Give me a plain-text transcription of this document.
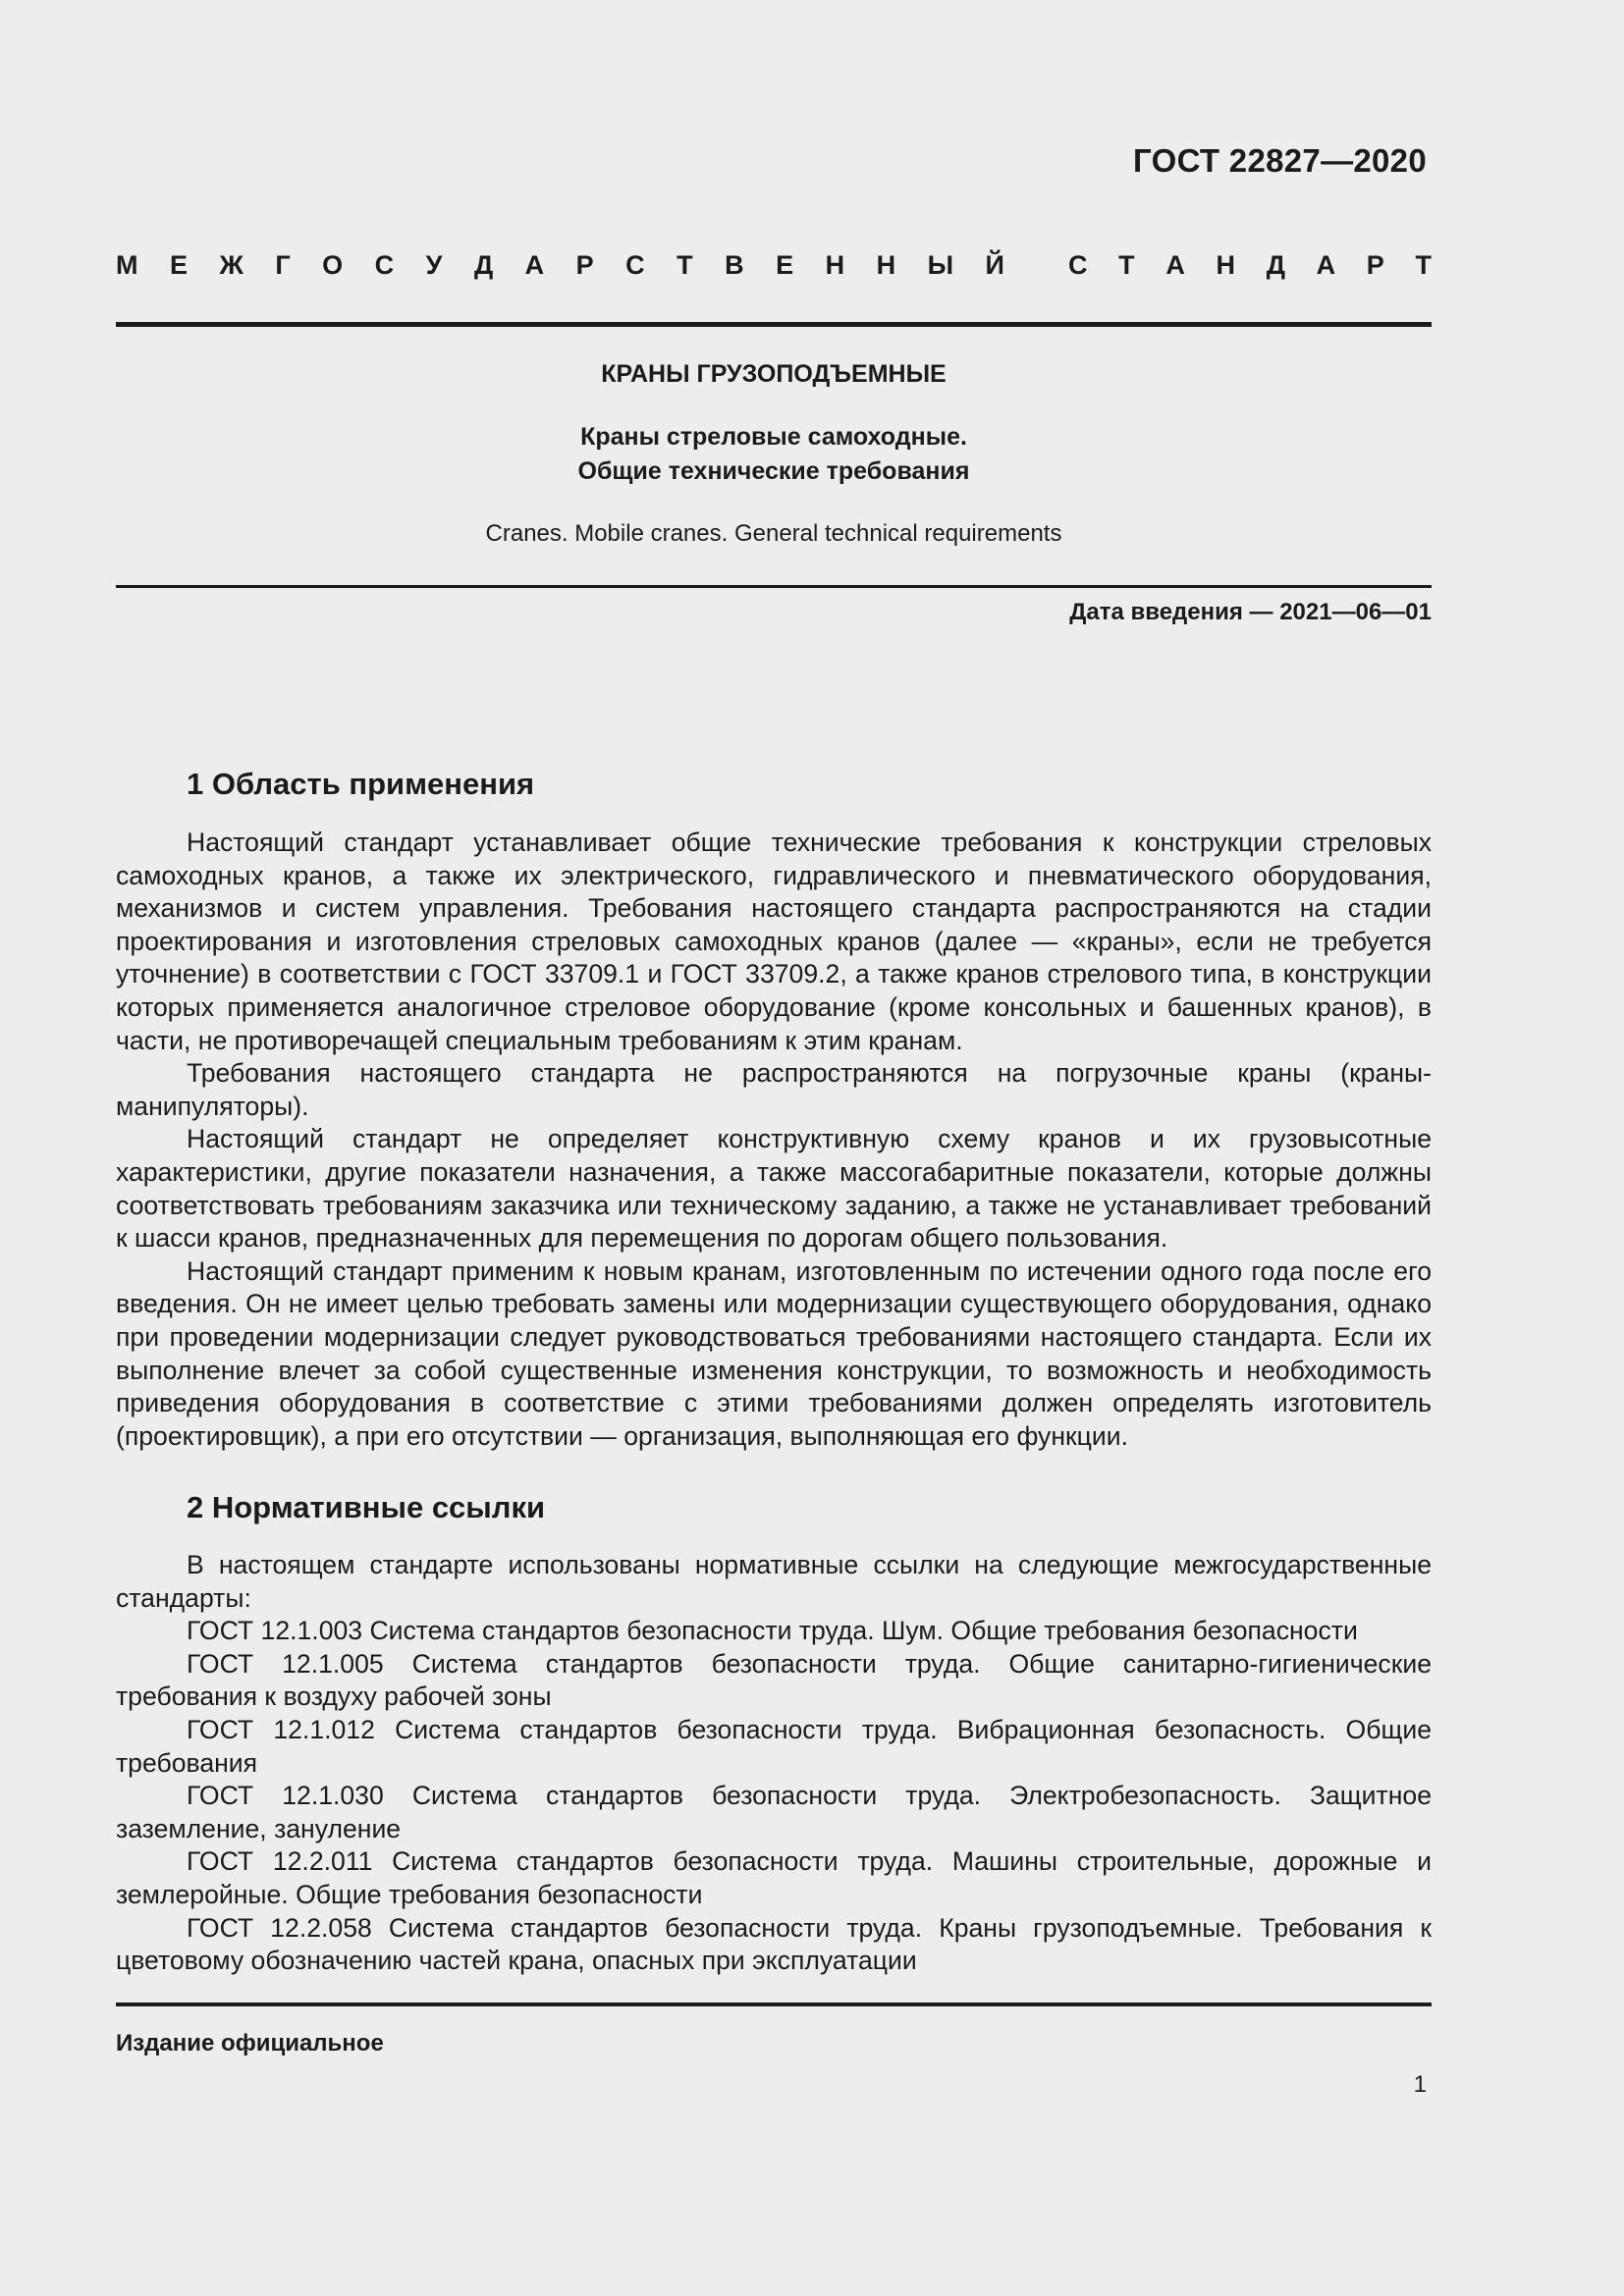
ГОСТ 22827—2020
М Е Ж Г О С У Д А Р С Т В Е Н Н Ы Й С Т А Н Д А Р Т
КРАНЫ ГРУЗОПОДЪЕМНЫЕ
Краны стреловые самоходные.
Общие технические требования
Cranes. Mobile cranes. General technical requirements
Дата введения — 2021—06—01
1 Область применения

Настоящий стандарт устанавливает общие технические требования к конструкции стреловых самоходных кранов, а также их электрического, гидравлического и пневматического оборудования, механизмов и систем управления. Требования настоящего стандарта распространяются на стадии проектирования и изготовления стреловых самоходных кранов (далее — «краны», если не требуется уточнение) в соответствии с ГОСТ 33709.1 и ГОСТ 33709.2, а также кранов стрелового типа, в конструкции которых применяется аналогичное стреловое оборудование (кроме консольных и башенных кранов), в части, не противоречащей специальным требованиям к этим кранам.

Требования настоящего стандарта не распространяются на погрузочные краны (краны-манипуляторы).

Настоящий стандарт не определяет конструктивную схему кранов и их грузовысотные характеристики, другие показатели назначения, а также массогабаритные показатели, которые должны соответствовать требованиям заказчика или техническому заданию, а также не устанавливает требований к шасси кранов, предназначенных для перемещения по дорогам общего пользования.

Настоящий стандарт применим к новым кранам, изготовленным по истечении одного года после его введения. Он не имеет целью требовать замены или модернизации существующего оборудования, однако при проведении модернизации следует руководствоваться требованиями настоящего стандарта. Если их выполнение влечет за собой существенные изменения конструкции, то возможность и необходимость приведения оборудования в соответствие с этими требованиями должен определять изготовитель (проектировщик), а при его отсутствии — организация, выполняющая его функции.

2 Нормативные ссылки

В настоящем стандарте использованы нормативные ссылки на следующие межгосударственные стандарты:

ГОСТ 12.1.003 Система стандартов безопасности труда. Шум. Общие требования безопасности

ГОСТ 12.1.005 Система стандартов безопасности труда. Общие санитарно-гигиенические требования к воздуху рабочей зоны

ГОСТ 12.1.012 Система стандартов безопасности труда. Вибрационная безопасность. Общие требования

ГОСТ 12.1.030 Система стандартов безопасности труда. Электробезопасность. Защитное заземление, зануление

ГОСТ 12.2.011 Система стандартов безопасности труда. Машины строительные, дорожные и землеройные. Общие требования безопасности

ГОСТ 12.2.058 Система стандартов безопасности труда. Краны грузоподъемные. Требования к цветовому обозначению частей крана, опасных при эксплуатации

Издание официальное
1
